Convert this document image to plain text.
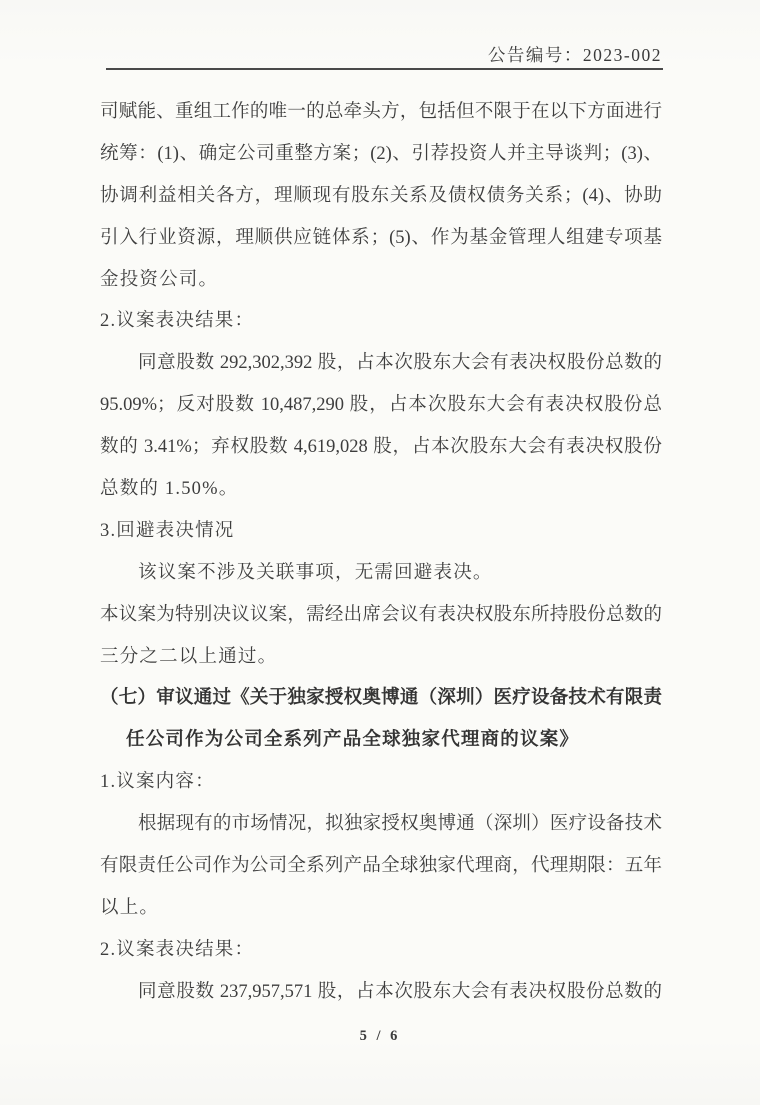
公告编号：2023-002
司赋能、重组工作的唯一的总牵头方，包括但不限于在以下方面进行
统筹：(1)、确定公司重整方案；(2)、引荐投资人并主导谈判；(3)、
协调利益相关各方，理顺现有股东关系及债权债务关系；(4)、协助
引入行业资源，理顺供应链体系；(5)、作为基金管理人组建专项基
金投资公司。
2.议案表决结果：
同意股数 292,302,392 股，占本次股东大会有表决权股份总数的
95.09%；反对股数 10,487,290 股，占本次股东大会有表决权股份总
数的 3.41%；弃权股数 4,619,028 股，占本次股东大会有表决权股份
总数的 1.50%。
3.回避表决情况
该议案不涉及关联事项，无需回避表决。
本议案为特别决议议案，需经出席会议有表决权股东所持股份总数的
三分之二以上通过。
（七）审议通过《关于独家授权奥博通（深圳）医疗设备技术有限责
任公司作为公司全系列产品全球独家代理商的议案》
1.议案内容：
根据现有的市场情况，拟独家授权奥博通（深圳）医疗设备技术
有限责任公司作为公司全系列产品全球独家代理商，代理期限：五年
以上。
2.议案表决结果：
同意股数 237,957,571 股，占本次股东大会有表决权股份总数的
5 / 6
